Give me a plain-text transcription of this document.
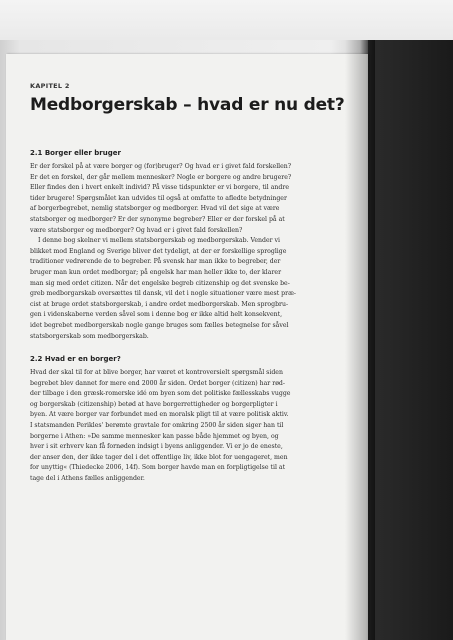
KAPITEL 2
Medborgerskab – hvad er nu det?
2.1 Borger eller bruger

Er der forskel på at være borger og (for)bruger? Og hvad er i givet fald forskellen?
Er det en forskel, der går mellem mennesker? Nogle er borgere og andre brugere?
Eller findes den i hvert enkelt individ? På visse tidspunkter er vi borgere, til andre
tider brugere! Spørgsmålet kan udvides til også at omfatte to afledte betydninger
af borgerbegrebet, nemlig statsborger og medborger. Hvad vil det sige at være
statsborger og medborger? Er der synonyme begreber? Eller er der forskel på at
være statsborger og medborger? Og hvad er i givet fald forskellen?

I denne bog skelner vi mellem statsborgerskab og medborgerskab. Vender vi
blikket mod England og Sverige bliver det tydeligt, at der er forskellige sproglige
traditioner vedrørende de to begreber. På svensk har man ikke to begreber, der
bruger man kun ordet medborgar; på engelsk har man heller ikke to, der klarer
man sig med ordet citizen. Når det engelske begreb citizenship og det svenske be-
greb medborgarskab oversættes til dansk, vil det i nogle situationer være mest præ-
cist at bruge ordet statsborgerskab, i andre ordet medborgerskab. Men sprogbru-
gen i videnskaberne verden såvel som i denne bog er ikke altid helt konsekvent,
idet begrebet medborgerskab nogle gange bruges som fælles betegnelse for såvel
statsborgerskab som medborgerskab.

2.2 Hvad er en borger?

Hvad der skal til for at blive borger, har været et kontroversielt spørgsmål siden
begrebet blev dannet for mere end 2000 år siden. Ordet borger (citizen) har rød-
der tilbage i den græsk-romerske idé om byen som det politiske fællesskabs vugge
og borgerskab (citizenship) betød at have borgerrettigheder og borgerpligter i
byen. At være borger var forbundet med en moralsk pligt til at være politisk aktiv.
I statsmanden Perikles' berømte gravtale for omkring 2500 år siden siger han til
borgerne i Athen: »De samme mennesker kan passe både hjemmet og byen, og
hver i sit erhverv kan få fornøden indsigt i byens anliggender. Vi er jo de eneste,
der anser den, der ikke tager del i det offentlige liv, ikke blot for uengageret, men
for unyttig« (Thiedecke 2006, 14f). Som borger havde man en forpligtigelse til at
tage del i Athens fælles anliggender.
